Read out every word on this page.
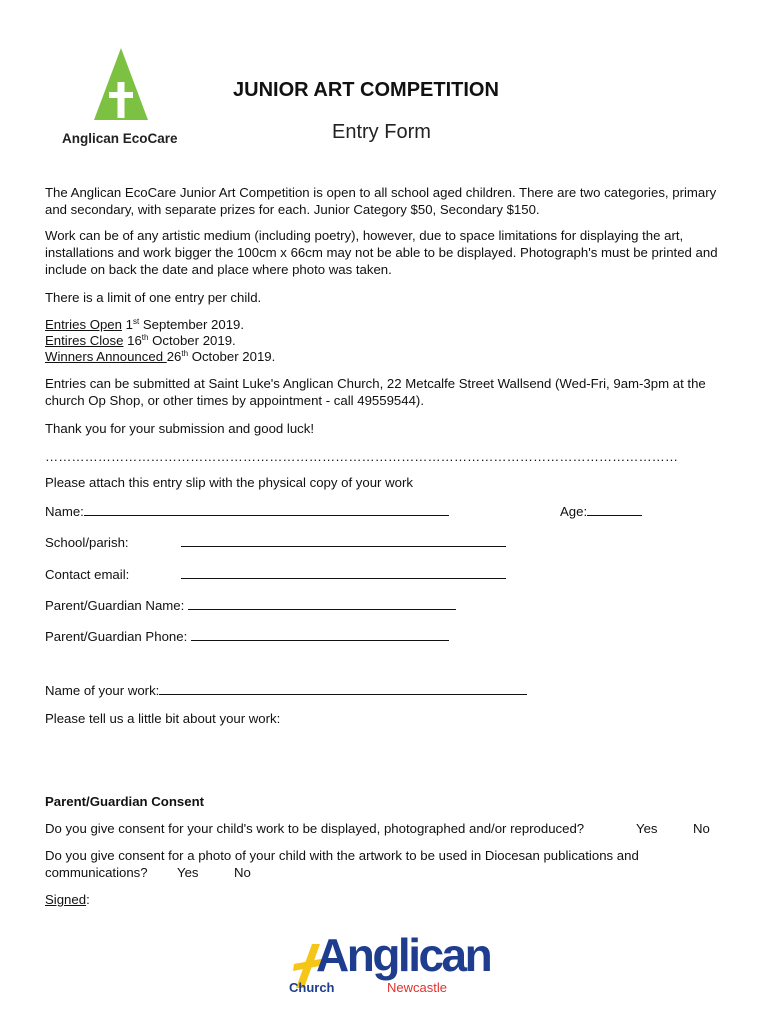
Anglican EcoCare
JUNIOR ART COMPETITION
Entry Form
The Anglican EcoCare Junior Art Competition is open to all school aged children. There are two categories, primary and secondary, with separate prizes for each. Junior Category $50, Secondary $150.
Work can be of any artistic medium (including poetry), however, due to space limitations for displaying the art, installations and work bigger the 100cm x 66cm may not be able to be displayed. Photograph's must be printed and include on back the date and place where photo was taken.
There is a limit of one entry per child.
Entries Open 1st September 2019.
Entires Close 16th October 2019.
Winners Announced 26th October 2019.
Entries can be submitted at Saint Luke's Anglican Church, 22 Metcalfe Street Wallsend (Wed-Fri, 9am-3pm at the church Op Shop, or other times by appointment - call 49559544).
Thank you for your submission and good luck!
………………………………………………………………………………………………………………………………
Please attach this entry slip with the physical copy of your work
Name:	Age:
School/parish:
Contact email:
Parent/Guardian Name:
Parent/Guardian Phone:
Name of your work:
Please tell us a little bit about your work:
Parent/Guardian Consent
Do you give consent for your child's work to be displayed, photographed and/or reproduced?	Yes	No
Do you give consent for a photo of your child with the artwork to be used in Diocesan publications and
communications? Yes	No
Signed:
Anglican
Church	Newcastle
